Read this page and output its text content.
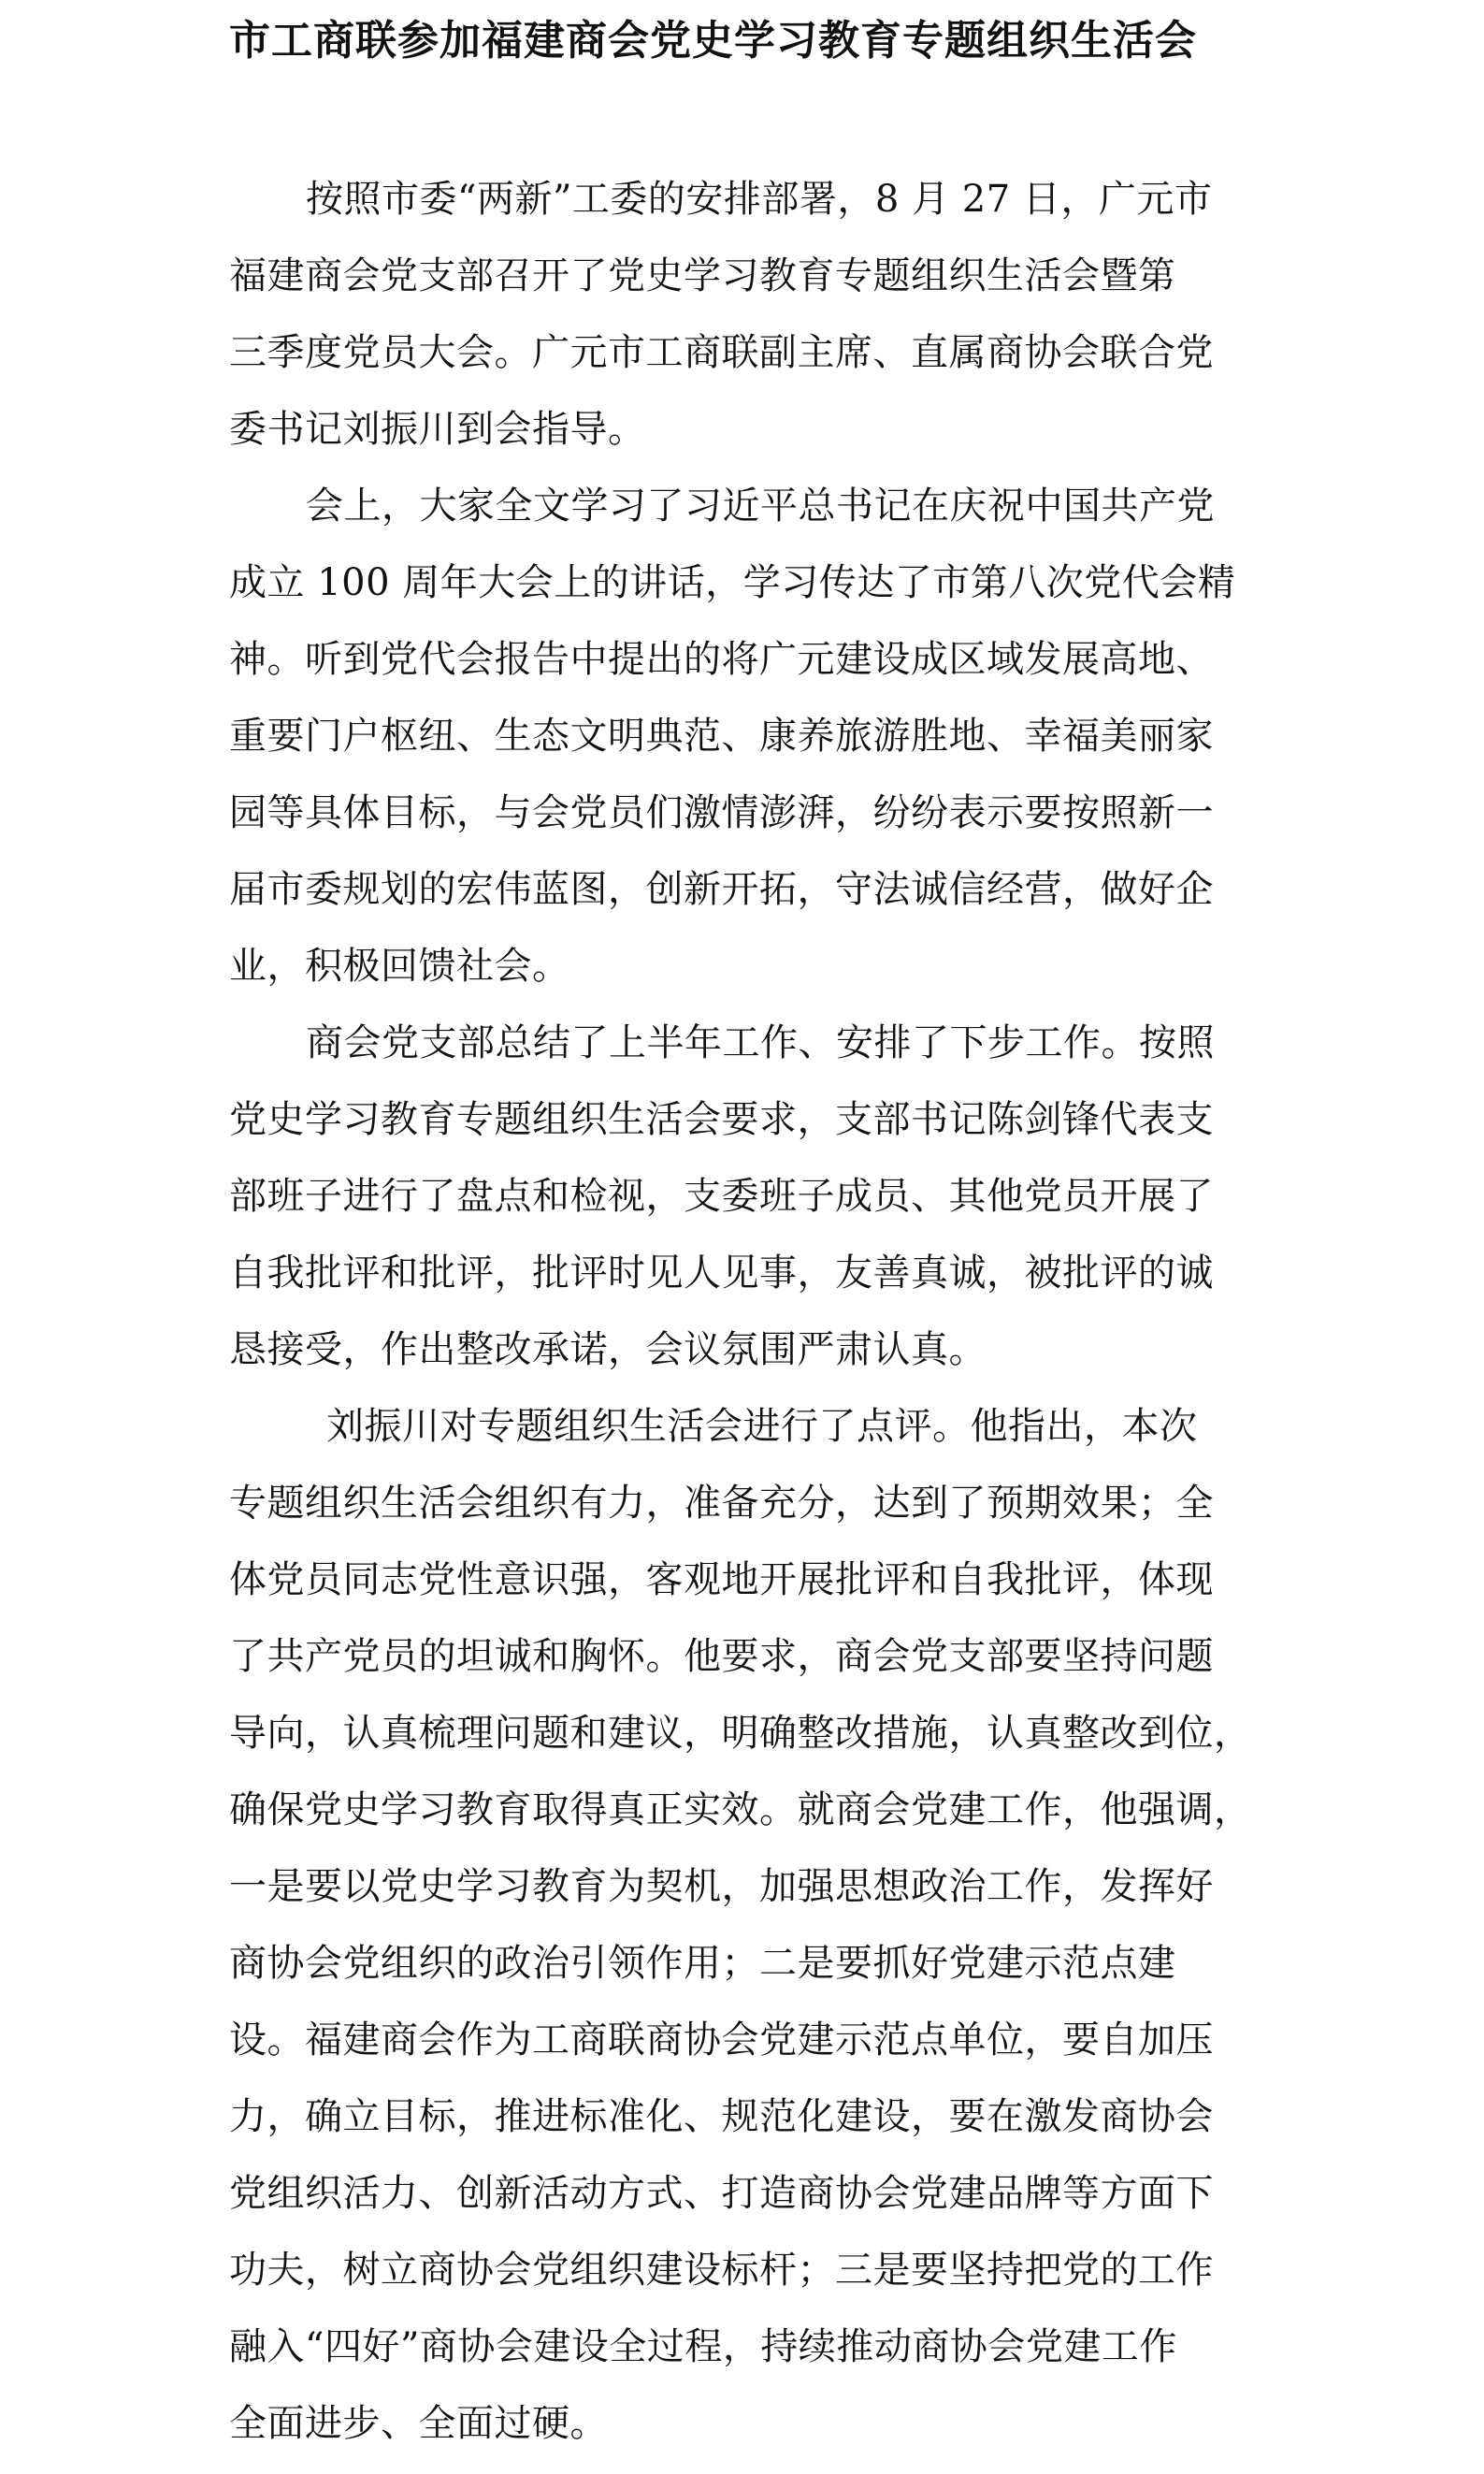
市工商联参加福建商会党史学习教育专题组织生活会
按照市委“两新”工委的安排部署，8 月 27 日，广元市
福建商会党支部召开了党史学习教育专题组织生活会暨第
三季度党员大会。广元市工商联副主席、直属商协会联合党
委书记刘振川到会指导。
会上，大家全文学习了习近平总书记在庆祝中国共产党
成立 100 周年大会上的讲话，学习传达了市第八次党代会精
神。听到党代会报告中提出的将广元建设成区域发展高地、
重要门户枢纽、生态文明典范、康养旅游胜地、幸福美丽家
园等具体目标，与会党员们激情澎湃，纷纷表示要按照新一
届市委规划的宏伟蓝图，创新开拓，守法诚信经营，做好企
业，积极回馈社会。
商会党支部总结了上半年工作、安排了下步工作。按照
党史学习教育专题组织生活会要求，支部书记陈剑锋代表支
部班子进行了盘点和检视，支委班子成员、其他党员开展了
自我批评和批评，批评时见人见事，友善真诚，被批评的诚
恳接受，作出整改承诺，会议氛围严肃认真。
刘振川对专题组织生活会进行了点评。他指出，本次
专题组织生活会组织有力，准备充分，达到了预期效果；全
体党员同志党性意识强，客观地开展批评和自我批评，体现
了共产党员的坦诚和胸怀。他要求，商会党支部要坚持问题
导向，认真梳理问题和建议，明确整改措施，认真整改到位，
确保党史学习教育取得真正实效。就商会党建工作，他强调，
一是要以党史学习教育为契机，加强思想政治工作，发挥好
商协会党组织的政治引领作用；二是要抓好党建示范点建
设。福建商会作为工商联商协会党建示范点单位，要自加压
力，确立目标，推进标准化、规范化建设，要在激发商协会
党组织活力、创新活动方式、打造商协会党建品牌等方面下
功夫，树立商协会党组织建设标杆；三是要坚持把党的工作
融入“四好”商协会建设全过程，持续推动商协会党建工作
全面进步、全面过硬。
